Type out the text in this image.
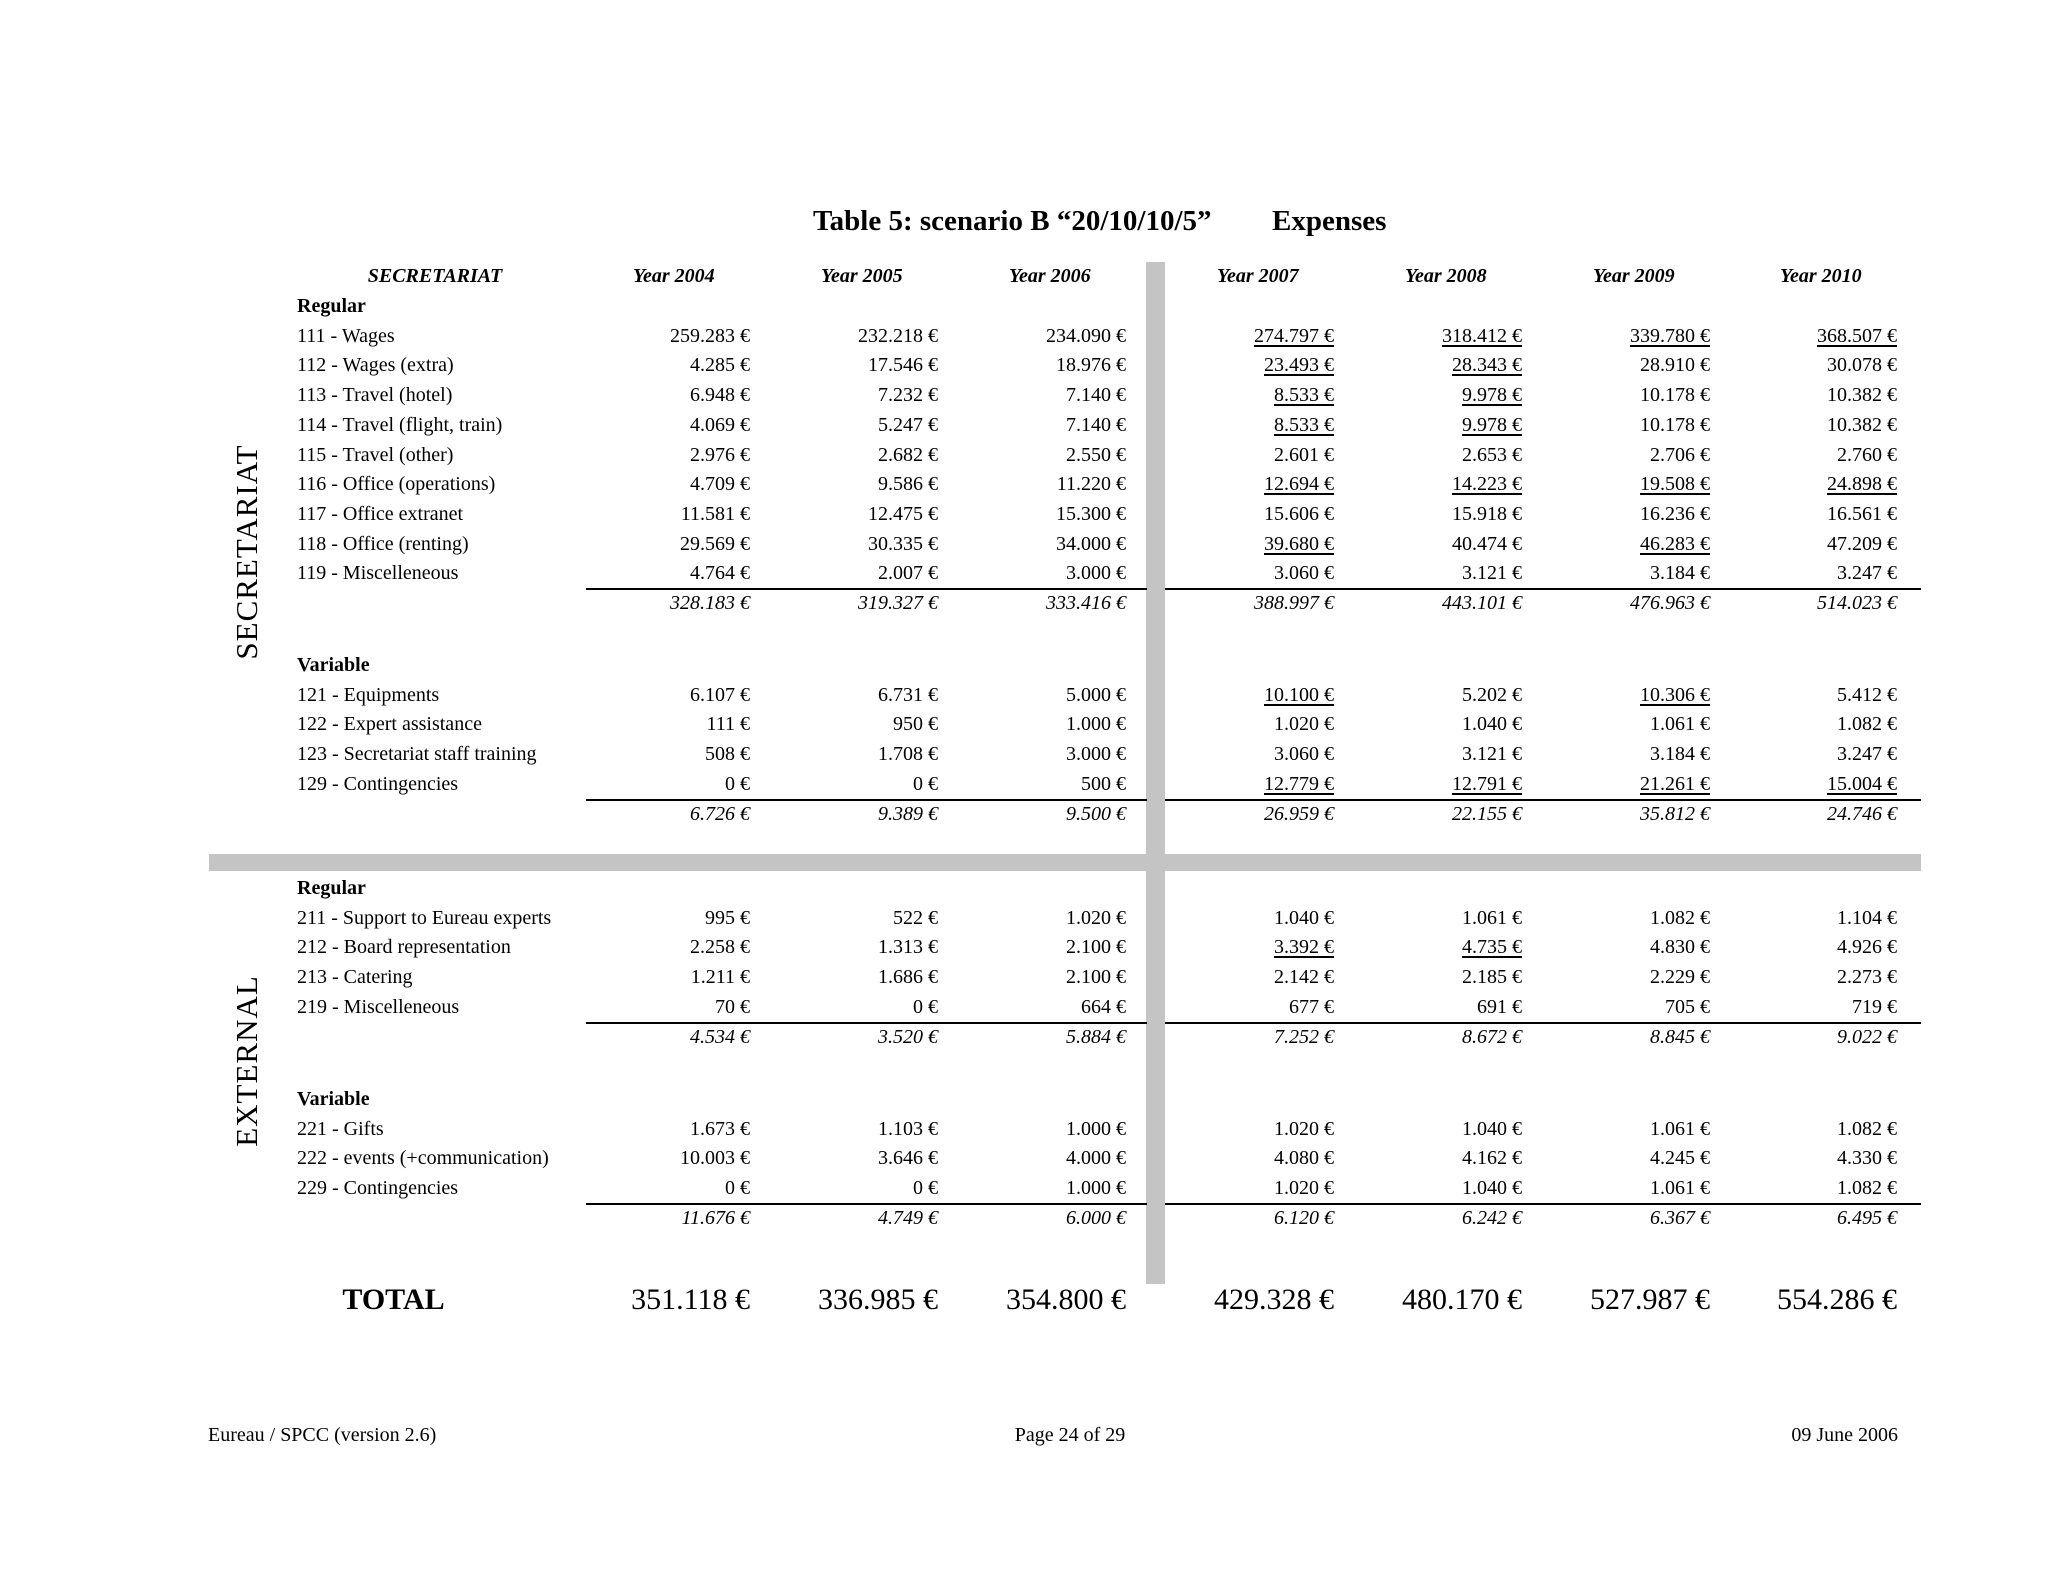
Table 5: scenario B “20/10/10/5” Expenses
SECRETARIAT
EXTERNAL
SECRETARIAT	Year 2004	Year 2005	Year 2006	Year 2007	Year 2008	Year 2009	Year 2010
Regular
111 - Wages	259.283 €	232.218 €	234.090 €	274.797 €	318.412 €	339.780 €	368.507 €
112 - Wages (extra)	4.285 €	17.546 €	18.976 €	23.493 €	28.343 €	28.910 €	30.078 €
113 - Travel (hotel)	6.948 €	7.232 €	7.140 €	8.533 €	9.978 €	10.178 €	10.382 €
114 - Travel (flight, train)	4.069 €	5.247 €	7.140 €	8.533 €	9.978 €	10.178 €	10.382 €
115 - Travel (other)	2.976 €	2.682 €	2.550 €	2.601 €	2.653 €	2.706 €	2.760 €
116 - Office (operations)	4.709 €	9.586 €	11.220 €	12.694 €	14.223 €	19.508 €	24.898 €
117 - Office extranet	11.581 €	12.475 €	15.300 €	15.606 €	15.918 €	16.236 €	16.561 €
118 - Office (renting)	29.569 €	30.335 €	34.000 €	39.680 €	40.474 €	46.283 €	47.209 €
119 - Miscelleneous	4.764 €	2.007 €	3.000 €	3.060 €	3.121 €	3.184 €	3.247 €
328.183 €	319.327 €	333.416 €	388.997 €	443.101 €	476.963 €	514.023 €
Variable
121 - Equipments	6.107 €	6.731 €	5.000 €	10.100 €	5.202 €	10.306 €	5.412 €
122 - Expert assistance	111 €	950 €	1.000 €	1.020 €	1.040 €	1.061 €	1.082 €
123 - Secretariat staff training	508 €	1.708 €	3.000 €	3.060 €	3.121 €	3.184 €	3.247 €
129 - Contingencies	0 €	0 €	500 €	12.779 €	12.791 €	21.261 €	15.004 €
6.726 €	9.389 €	9.500 €	26.959 €	22.155 €	35.812 €	24.746 €
Regular
211 - Support to Eureau experts	995 €	522 €	1.020 €	1.040 €	1.061 €	1.082 €	1.104 €
212 - Board representation	2.258 €	1.313 €	2.100 €	3.392 €	4.735 €	4.830 €	4.926 €
213 - Catering	1.211 €	1.686 €	2.100 €	2.142 €	2.185 €	2.229 €	2.273 €
219 - Miscelleneous	70 €	0 €	664 €	677 €	691 €	705 €	719 €
4.534 €	3.520 €	5.884 €	7.252 €	8.672 €	8.845 €	9.022 €
Variable
221 - Gifts	1.673 €	1.103 €	1.000 €	1.020 €	1.040 €	1.061 €	1.082 €
222 - events (+communication)	10.003 €	3.646 €	4.000 €	4.080 €	4.162 €	4.245 €	4.330 €
229 - Contingencies	0 €	0 €	1.000 €	1.020 €	1.040 €	1.061 €	1.082 €
11.676 €	4.749 €	6.000 €	6.120 €	6.242 €	6.367 €	6.495 €
TOTAL	351.118 €	336.985 €	354.800 €	429.328 €	480.170 €	527.987 €	554.286 €
Eureau / SPCC (version 2.6)	Page 24 of 29	09 June 2006
